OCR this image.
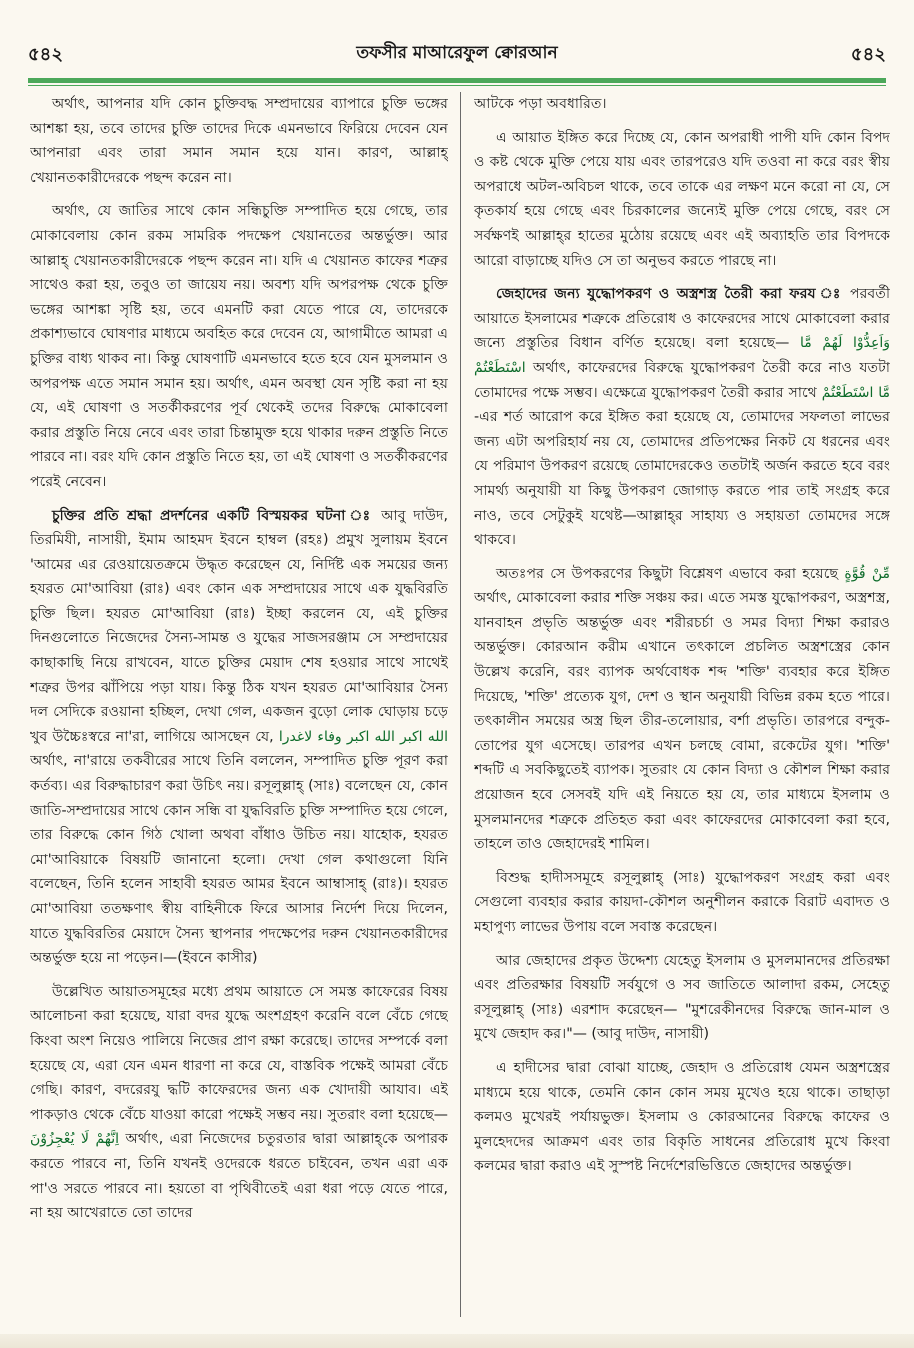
৫৪২	তফসীর মাআরেফুল ক্বোরআন	৫৪২

অর্থাৎ, আপনার যদি কোন চুক্তিবদ্ধ সম্প্রদায়ের ব্যাপারে চুক্তি ভঙ্গের আশঙ্কা হয়, তবে তাদের চুক্তি তাদের দিকে এমনভাবে ফিরিয়ে দেবেন যেন আপনারা এবং তারা সমান সমান হয়ে যান। কারণ, আল্লাহ্‌ খেয়ানতকারীদেরকে পছন্দ করেন না।

অর্থাৎ, যে জাতির সাথে কোন সন্ধিচুক্তি সম্পাদিত হয়ে গেছে, তার মোকাবেলায় কোন রকম সামরিক পদক্ষেপ খেয়ানতের অন্তর্ভুক্ত। আর আল্লাহ্‌ খেয়ানতকারীদেরকে পছন্দ করেন না। যদি এ খেয়ানত কাফের শত্রুর সাথেও করা হয়, তবুও তা জায়েয নয়। অবশ্য যদি অপরপক্ষ থেকে চুক্তি ভঙ্গের আশঙ্কা সৃষ্টি হয়, তবে এমনটি করা যেতে পারে যে, তাদেরকে প্রকাশ্যভাবে ঘোষণার মাধ্যমে অবহিত করে দেবেন যে, আগামীতে আমরা এ চুক্তির বাধ্য থাকব না। কিন্তু ঘোষণাটি এমনভাবে হতে হবে যেন মুসলমান ও অপরপক্ষ এতে সমান সমান হয়। অর্থাৎ, এমন অবস্থা যেন সৃষ্টি করা না হয় যে, এই ঘোষণা ও সতর্কীকরণের পূর্ব থেকেই তদের বিরুদ্ধে মোকাবেলা করার প্রস্তুতি নিয়ে নেবে এবং তারা চিন্তামুক্ত হয়ে থাকার দরুন প্রস্তুতি নিতে পারবে না। বরং যদি কোন প্রস্তুতি নিতে হয়, তা এই ঘোষণা ও সতর্কীকরণের পরেই নেবেন।

চুক্তির প্রতি শ্রদ্ধা প্রদর্শনের একটি বিস্ময়কর ঘটনা ঃ আবু দাউদ, তিরমিযী, নাসায়ী, ইমাম আহমদ ইবনে হাম্বল (রহঃ) প্রমুখ সুলায়ম ইবনে 'আমের এর রেওয়ায়েতক্রমে উদ্ধৃত করেছেন যে, নির্দিষ্ট এক সময়ের জন্য হযরত মো'আবিয়া (রাঃ) এবং কোন এক সম্প্রদায়ের সাথে এক যুদ্ধবিরতি চুক্তি ছিল। হযরত মো'আবিয়া (রাঃ) ইচ্ছা করলেন যে, এই চুক্তির দিনগুলোতে নিজেদের সৈন্য-সামন্ত ও যুদ্ধের সাজসরঞ্জাম সে সম্প্রদায়ের কাছাকাছি নিয়ে রাখবেন, যাতে চুক্তির মেয়াদ শেষ হওয়ার সাথে সাথেই শত্রুর উপর ঝাঁপিয়ে পড়া যায়। কিন্তু ঠিক যখন হযরত মো'আবিয়ার সৈন্য দল সেদিকে রওয়ানা হচ্ছিল, দেখা গেল, একজন বুড়ো লোক ঘোড়ায় চড়ে খুব উচ্চৈঃস্বরে না'রা, লাগিয়ে আসছেন যে, الله اكبر الله اكبر وفاء لاغدرا অর্থাৎ, না'রায়ে তকবীরের সাথে তিনি বললেন, সম্পাদিত চুক্তি পূরণ করা কর্তব্য। এর বিরুদ্ধাচারণ করা উচিৎ নয়। রসূলুল্লাহ্‌ (সাঃ) বলেছেন যে, কোন জাতি-সম্প্রদায়ের সাথে কোন সন্ধি বা যুদ্ধবিরতি চুক্তি সম্পাদিত হয়ে গেলে, তার বিরুদ্ধে কোন গিঠ খোলা অথবা বাঁধাও উচিত নয়। যাহোক, হযরত মো'আবিয়াকে বিষয়টি জানানো হলো। দেখা গেল কথাগুলো যিনি বলেছেন, তিনি হলেন সাহাবী হযরত আমর ইবনে আম্বাসাহ্‌ (রাঃ)। হযরত মো'আবিয়া ততক্ষণাৎ স্বীয় বাহিনীকে ফিরে আসার নির্দেশ দিয়ে দিলেন, যাতে যুদ্ধবিরতির মেয়াদে সৈন্য স্থাপনার পদক্ষেপের দরুন খেয়ানতকারীদের অন্তর্ভুক্ত হয়ে না পড়েন।—(ইবনে কাসীর)

উল্লেখিত আয়াতসমূহের মধ্যে প্রথম আয়াতে সে সমস্ত কাফেরের বিষয় আলোচনা করা হয়েছে, যারা বদর যুদ্ধে অংশগ্রহণ করেনি বলে বেঁচে গেছে কিংবা অংশ নিয়েও পালিয়ে নিজের প্রাণ রক্ষা করেছে। তাদের সম্পর্কে বলা হয়েছে যে, এরা যেন এমন ধারণা না করে যে, বাস্তবিক পক্ষেই আমরা বেঁচে গেছি। কারণ, বদরেরযু দ্ধটি কাফেরদের জন্য এক খোদায়ী আযাব। এই পাকড়াও থেকে বেঁচে যাওয়া কারো পক্ষেই সম্ভব নয়। সুতরাং বলা হয়েছে— اِنَّهُمْ لَا يُعْجِزُوْنَ অর্থাৎ, এরা নিজেদের চতুরতার দ্বারা আল্লাহ্‌কে অপারক করতে পারবে না, তিনি যখনই ওদেরকে ধরতে চাইবেন, তখন এরা এক পা'ও সরতে পারবে না। হয়তো বা পৃথিবীতেই এরা ধরা পড়ে যেতে পারে, না হয় আখেরাতে তো তাদের

আটকে পড়া অবধারিত।

এ আয়াত ইঙ্গিত করে দিচ্ছে যে, কোন অপরাধী পাপী যদি কোন বিপদ ও কষ্ট থেকে মুক্তি পেয়ে যায় এবং তারপরেও যদি তওবা না করে বরং স্বীয় অপরাধে অটল-অবিচল থাকে, তবে তাকে এর লক্ষণ মনে করো না যে, সে কৃতকার্য হয়ে গেছে এবং চিরকালের জন্যেই মুক্তি পেয়ে গেছে, বরং সে সর্বক্ষণই আল্লাহ্‌র হাতের মুঠোয় রয়েছে এবং এই অব্যাহতি তার বিপদকে আরো বাড়াচ্ছে যদিও সে তা অনুভব করতে পারছে না।

জেহাদের জন্য যুদ্ধোপকরণ ও অস্ত্রশস্ত্র তৈরী করা ফরয ঃ পরবর্তী আয়াতে ইসলামের শত্রুকে প্রতিরোধ ও কাফেরদের সাথে মোকাবেলা করার জন্যে প্রস্তুতির বিধান বর্ণিত হয়েছে। বলা হয়েছে— وَاَعِدُّوْا لَهُمْ مَّا اسْتَطَعْتُمْ অর্থাৎ, কাফেরদের বিরুদ্ধে যুদ্ধোপকরণ তৈরী করে নাও যতটা তোমাদের পক্ষে সম্ভব। এক্ষেত্রে যুদ্ধোপকরণ তৈরী করার সাথে مَّا اسْتَطَعْتُمْ -এর শর্ত আরোপ করে ইঙ্গিত করা হয়েছে যে, তোমাদের সফলতা লাভের জন্য এটা অপরিহার্য নয় যে, তোমাদের প্রতিপক্ষের নিকট যে ধরনের এবং যে পরিমাণ উপকরণ রয়েছে তোমাদেরকেও ততটাই অর্জন করতে হবে বরং সামর্থ্য অনুযায়ী যা কিছু উপকরণ জোগাড় করতে পার তাই সংগ্রহ করে নাও, তবে সেটুকুই যথেষ্ট—আল্লাহ্‌র সাহায্য ও সহায়তা তোমদের সঙ্গে থাকবে।

অতঃপর সে উপকরণের কিছুটা বিশ্লেষণ এভাবে করা হয়েছে مِّنْ قُوَّةٍ অর্থাৎ, মোকাবেলা করার শক্তি সঞ্চয় কর। এতে সমস্ত যুদ্ধোপকরণ, অস্ত্রশস্ত্র, যানবাহন প্রভৃতি অন্তর্ভুক্ত এবং শরীরচর্চা ও সমর বিদ্যা শিক্ষা করারও অন্তর্ভুক্ত। কোরআন করীম এখানে তৎকালে প্রচলিত অস্ত্রশস্ত্রের কোন উল্লেখ করেনি, বরং ব্যাপক অর্থবোধক শব্দ 'শক্তি' ব্যবহার করে ইঙ্গিত দিয়েছে, 'শক্তি' প্রত্যেক যুগ, দেশ ও স্থান অনুযায়ী বিভিন্ন রকম হতে পারে। তৎকালীন সময়ের অস্ত্র ছিল তীর-তলোয়ার, বর্শা প্রভৃতি। তারপরে বন্দুক-তোপের যুগ এসেছে। তারপর এখন চলছে বোমা, রকেটের যুগ। 'শক্তি' শব্দটি এ সবকিছুতেই ব্যাপক। সুতরাং যে কোন বিদ্যা ও কৌশল শিক্ষা করার প্রয়োজন হবে সেসবই যদি এই নিয়তে হয় যে, তার মাধ্যমে ইসলাম ও মুসলমানদের শত্রুকে প্রতিহত করা এবং কাফেরদের মোকাবেলা করা হবে, তাহলে তাও জেহাদেরই শামিল।

বিশুদ্ধ হাদীসসমূহে রসূলুল্লাহ্‌ (সাঃ) যুদ্ধোপকরণ সংগ্রহ করা এবং সেগুলো ব্যবহার করার কায়দা-কৌশল অনুশীলন করাকে বিরাট এবাদত ও মহাপুণ্য লাভের উপায় বলে সবাস্ত করেছেন।

আর জেহাদের প্রকৃত উদ্দেশ্য যেহেতু ইসলাম ও মুসলমানদের প্রতিরক্ষা এবং প্রতিরক্ষার বিষয়টি সর্বযুগে ও সব জাতিতে আলাদা রকম, সেহেতু রসূলুল্লাহ্‌ (সাঃ) এরশাদ করেছেন— "মুশরেকীনদের বিরুদ্ধে জান-মাল ও মুখে জেহাদ কর।"— (আবু দাউদ, নাসায়ী)

এ হাদীসের দ্বারা বোঝা যাচ্ছে, জেহাদ ও প্রতিরোধ যেমন অস্ত্রশস্ত্রের মাধ্যমে হয়ে থাকে, তেমনি কোন কোন সময় মুখেও হয়ে থাকে। তাছাড়া কলমও মুখেরই পর্যায়ভুক্ত। ইসলাম ও কোরআনের বিরুদ্ধে কাফের ও মুলহেদদের আক্রমণ এবং তার বিকৃতি সাধনের প্রতিরোধ মুখে কিংবা কলমের দ্বারা করাও এই সুস্পষ্ট নির্দেশেরভিত্তিতে জেহাদের অন্তর্ভুক্ত।
